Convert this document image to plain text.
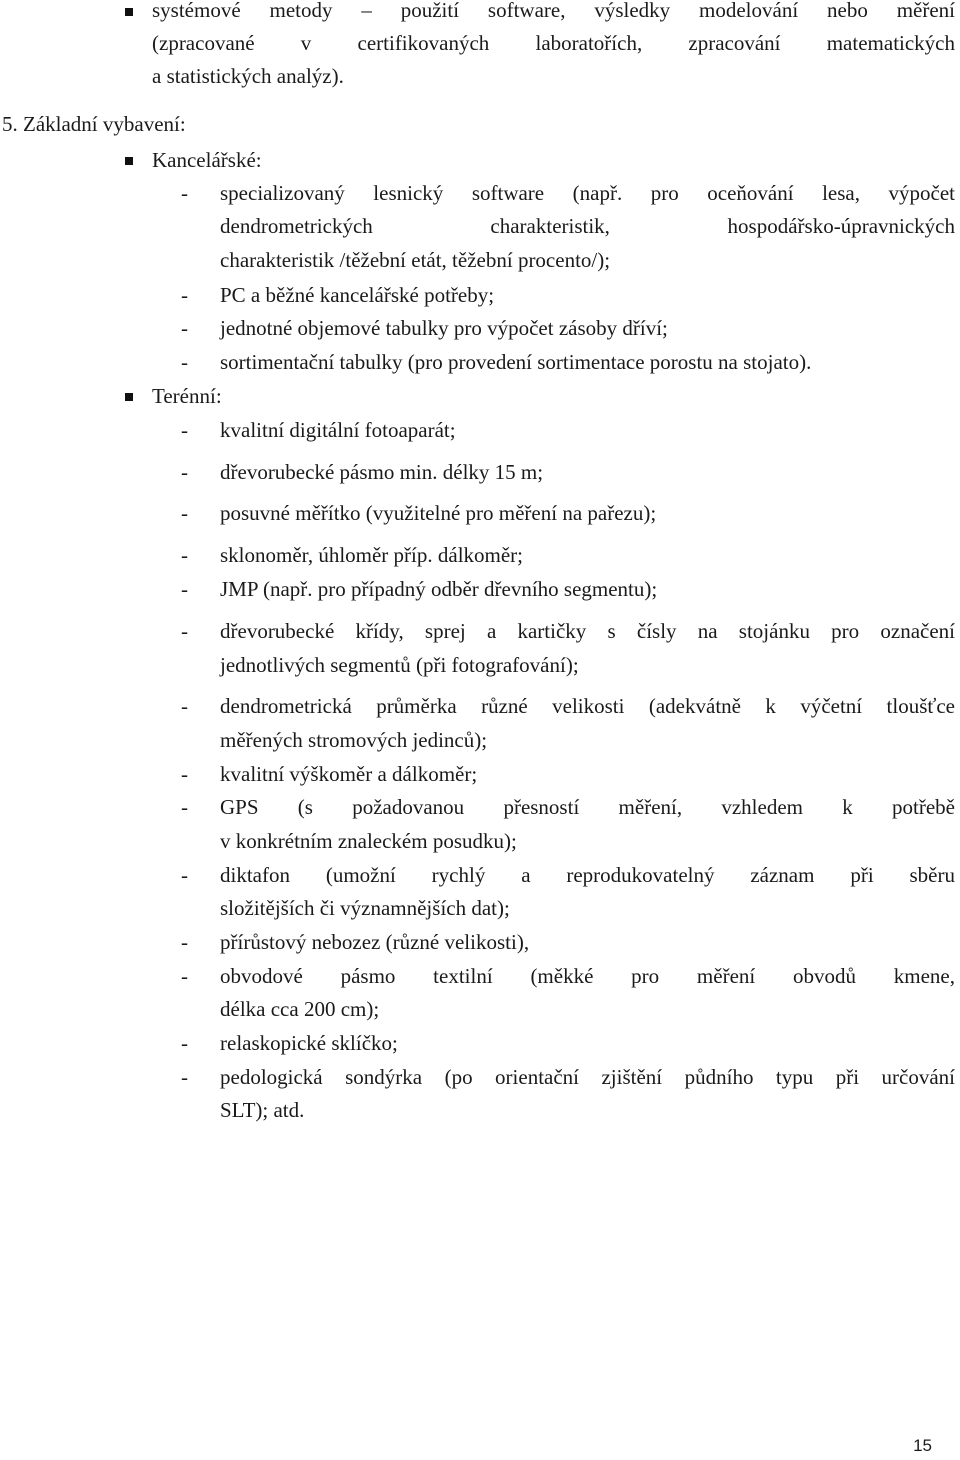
systémové metody – použití software, výsledky modelování nebo měření
(zpracované v certifikovaných laboratořích, zpracování matematických
a statistických analýz).
5. Základní vybavení:
Kancelářské:
- specializovaný lesnický software (např. pro oceňování lesa, výpočet
dendrometrických charakteristik, hospodářsko-úpravnických
charakteristik /těžební etát, těžební procento/);
- PC a běžné kancelářské potřeby;
- jednotné objemové tabulky pro výpočet zásoby dříví;
- sortimentační tabulky (pro provedení sortimentace porostu na stojato).
Terénní:
- kvalitní digitální fotoaparát;
- dřevorubecké pásmo min. délky 15 m;
- posuvné měřítko (využitelné pro měření na pařezu);
- sklonoměr, úhloměr příp. dálkoměr;
- JMP (např. pro případný odběr dřevního segmentu);
- dřevorubecké křídy, sprej a kartičky s čísly na stojánku pro označení
jednotlivých segmentů (při fotografování);
- dendrometrická průměrka různé velikosti (adekvátně k výčetní tloušťce
měřených stromových jedinců);
- kvalitní výškoměr a dálkoměr;
- GPS (s požadovanou přesností měření, vzhledem k potřebě
v konkrétním znaleckém posudku);
- diktafon (umožní rychlý a reprodukovatelný záznam při sběru
složitějších či významnějších dat);
- přírůstový nebozez (různé velikosti),
- obvodové pásmo textilní (měkké pro měření obvodů kmene,
délka cca 200 cm);
- relaskopické sklíčko;
- pedologická sondýrka (po orientační zjištění půdního typu při určování
SLT); atd.
15
